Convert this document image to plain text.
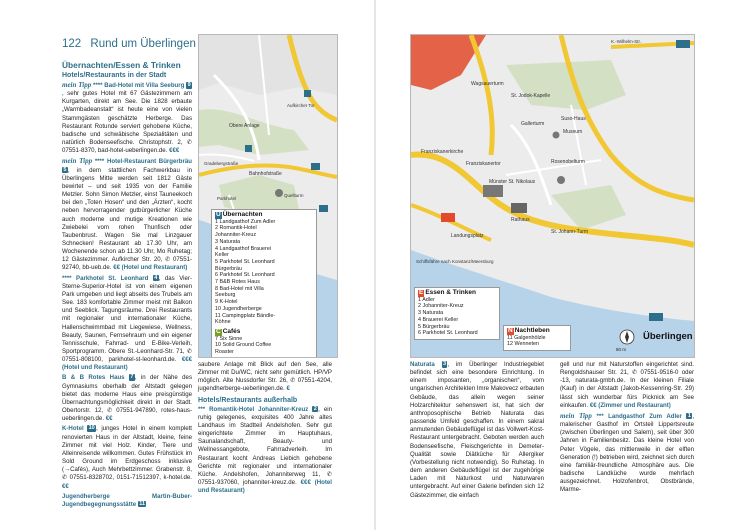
122 Rund um Überlingen
Übernachten/Essen & Trinken
Hotels/Restaurants in der Stadt
mein Tipp **** Bad-Hotel mit Villa Seeburg 9, sehr gutes Hotel mit 67 Gästezimmern am Kurgarten, direkt am See. Die 1828 erbaute „Warmbadeanstalt“ ist heute eine von vielen Stammgästen geschätzte Herberge. Das Restaurant Rotunde serviert gehobene Küche, badische und schwäbische Spezialitäten und natürlich Bodenseefische. Christophstr. 2, ✆ 07551-8370, bad-hotel-ueberlingen.de. €€€
mein Tipp **** Hotel-Restaurant Bürgerbräu 5, in dem stattlichen Fachwerkbau in Überlingens Mitte werden seit 1812 Gäste bewirtet – und seit 1935 von der Familie Metzler. Sohn Simon Metzler, einst Tauneekoch bei den „Toten Hosen“ und den „Ärzten“, kocht neben hervorragender gutbürgerlicher Küche auch moderne und mutige Kreationen wie Zwiebelei vom rohen Thunfisch oder Taubenbrust. Wagen Sie mal Linzgauer Schnecken! Restaurant ab 17.30 Uhr, am Wochenende schon ab 11.30 Uhr, Mo Ruhetag; 12 Gästezimmer. Aufkircher Str. 20, ✆ 07551-92740, bb-ueb.de. €€ (Hotel und Restaurant)
**** Parkhotel St. Leonhard 4, das Vier-Sterne-Superior-Hotel ist von einem eigenen Park umgeben und liegt abseits des Trubels am See. 183 komfortable Zimmer meist mit Balkon und Seeblick. Tagungsräume. Drei Restaurants mit regionaler und internationaler Küche, Hallenschwimmbad mit Liegewiese, Wellness, Beauty, Saunen, Fernsehraum und ein eigener Tennisschule, Fahrrad- und E-Bike-Verleih, Sportprogramm. Obere St.-Leonhard-Str. 71, ✆ 07551-808100, parkhotel-st-leonhard.de. €€€ (Hotel und Restaurant)
B & B Rotes Haus 7, in der Nähe des Gymnasiums oberhalb der Altstadt gelegen bietet das moderne Haus eine preisgünstige Übernachtungsmöglichkeit direkt in der Stadt. Obertorstr. 12, ✆ 07551-947890, rotes-haus-ueberlingen.de. €€
K-Hotel 10, junges Hotel in einem komplett renovierten Haus in der Altstadt, kleine, feine Zimmer mit viel Holz. Kinder, Tiere und Alleinreisende willkommen. Gutes Frühstück im Sold Ground im Erdgeschoss inklusive (→Cafés), Auch Mehrbettzimmer. Grabenstr. 8, ✆ 07551-8328702, 0151-71512397, k-hotel.de. €€
Jugendherberge Martin-Buber-Jugendbegegnungsstätte 11
Obere Anlage
Bahnhofstraße
Aufkircher Tor
Gradebergstraße
Quellturm
Parkhotel
Ü Übernachten
1 Landgasthof Zum Adler
2 Romantik-Hotel
Johanniter-Kreuz
3 Naturata
4 Landgasthof Brauerei
Keller
5 Parkhotel St. Leonhard
Bürgerbräu
6 Parkhotel St. Leonhard
7 B&B Rotes Haus
8 Bad-Hotel mit Villa
Seeburg
9 K-Hotel
10 Jugendherberge
11 Campingplatz Bändle-
Köhne
C Cafés
7 Six Sinne
10 Solid Ground Coffee
Roaster
saubere Anlage mit Blick auf den See, alle Zimmer mit Du/WC, nicht sehr gemütlich. HP/VP möglich. Alte Nussdorfer Str. 26, ✆ 07551-4204, jugendherberge-ueberlingen.de. €
Hotels/Restaurants außerhalb
*** Romantik-Hotel Johanniter-Kreuz 2, ein ruhig gelegenes, exquisites 400 Jahre altes Landhaus im Stadtteil Andelshofen. Sehr gut eingerichtete Zimmer im Hauptuhaus, Saunalandschaft, Beauty- und Wellnessangebote, Fahrradverleih. Im Restaurant kocht Andreas Liebich gehobene Gerichte mit regionaler und internationaler Küche. Andelshofen, Johanniterweg 11, ✆ 07551-937060, johanniter-kreuz.de. €€€ (Hotel und Restaurant)
Wagsauerturm
St. Jodok-Kapelle
Gallerturm
Suso-Haus
Museum
Franziskanerkirche
Franziskanertor	Rosenobelturm
Münster St. Nikolaus
Rathaus
Landungsplatz
St. Johann-Turm
Schiffsfähre nach Konstanz/Meersburg
K.-Wilhelm-Str.
E Essen & Trinken
1 Adler
2 Johanniter-Kreuz
3 Naturata
4 Brauerei Keller
5 Bürgerbräu
6 Parkhotel St. Leonhard	N Nachtleben
11 Galgenhölzle
12 Wenneten
Überlingen
80 m
Naturata 3, im Überlinger Industriegebiet befindet sich eine besondere Einrichtung. In einem imposanten, „organischen“, vom ungarischen Architekten Imre Makovecz erbauten Gebäude, das allein wegen seiner Holzarchitektur sehenswert ist, hat sich der anthroposophische Betrieb Naturata das passende Umfeld geschaffen. In einem sakral anmutenden Gebäudeflügel ist das Vollwert-Kost-Restaurant untergebracht. Geboten werden auch Bodenseefische, Fleischgerichte in Demeter-Qualität sowie Diätküche für Allergiker (Vorbestellung nicht notwendig). So Ruhetag. In dem anderen Gebäudeflügel ist der zugehörige Laden mit Naturkost und Naturwaren untergebracht. Auf einer Galerie befinden sich 12 Gästezimmer, die einfach
gell und nur mit Naturstoffen eingerichtet sind. Rengoldshauser Str. 21, ✆ 07551-9516-0 oder -13, naturata-gmbh.de. In der kleinen Filiale (Kauf) in der Altstadt (Jakob-Kessenring-Str. 29) lässt sich wunderbar fürs Picknick am See einkaufen. €€ (Zimmer und Restaurant)
mein Tipp *** Landgasthof Zum Adler 1, malerischer Gasthof im Ortsteil Lippertsreute (zwischen Überlingen und Salem), seit über 300 Jahren in Familienbesitz. Das kleine Hotel von Peter Vögele, das mittlerweile in der elften Generation (!) betrieben wird, zeichnet sich durch eine familiär-freundliche Atmosphäre aus. Die badische Landküche wurde mehrfach ausgezeichnet. Holzofenbrot, Obstbrände, Marme-
